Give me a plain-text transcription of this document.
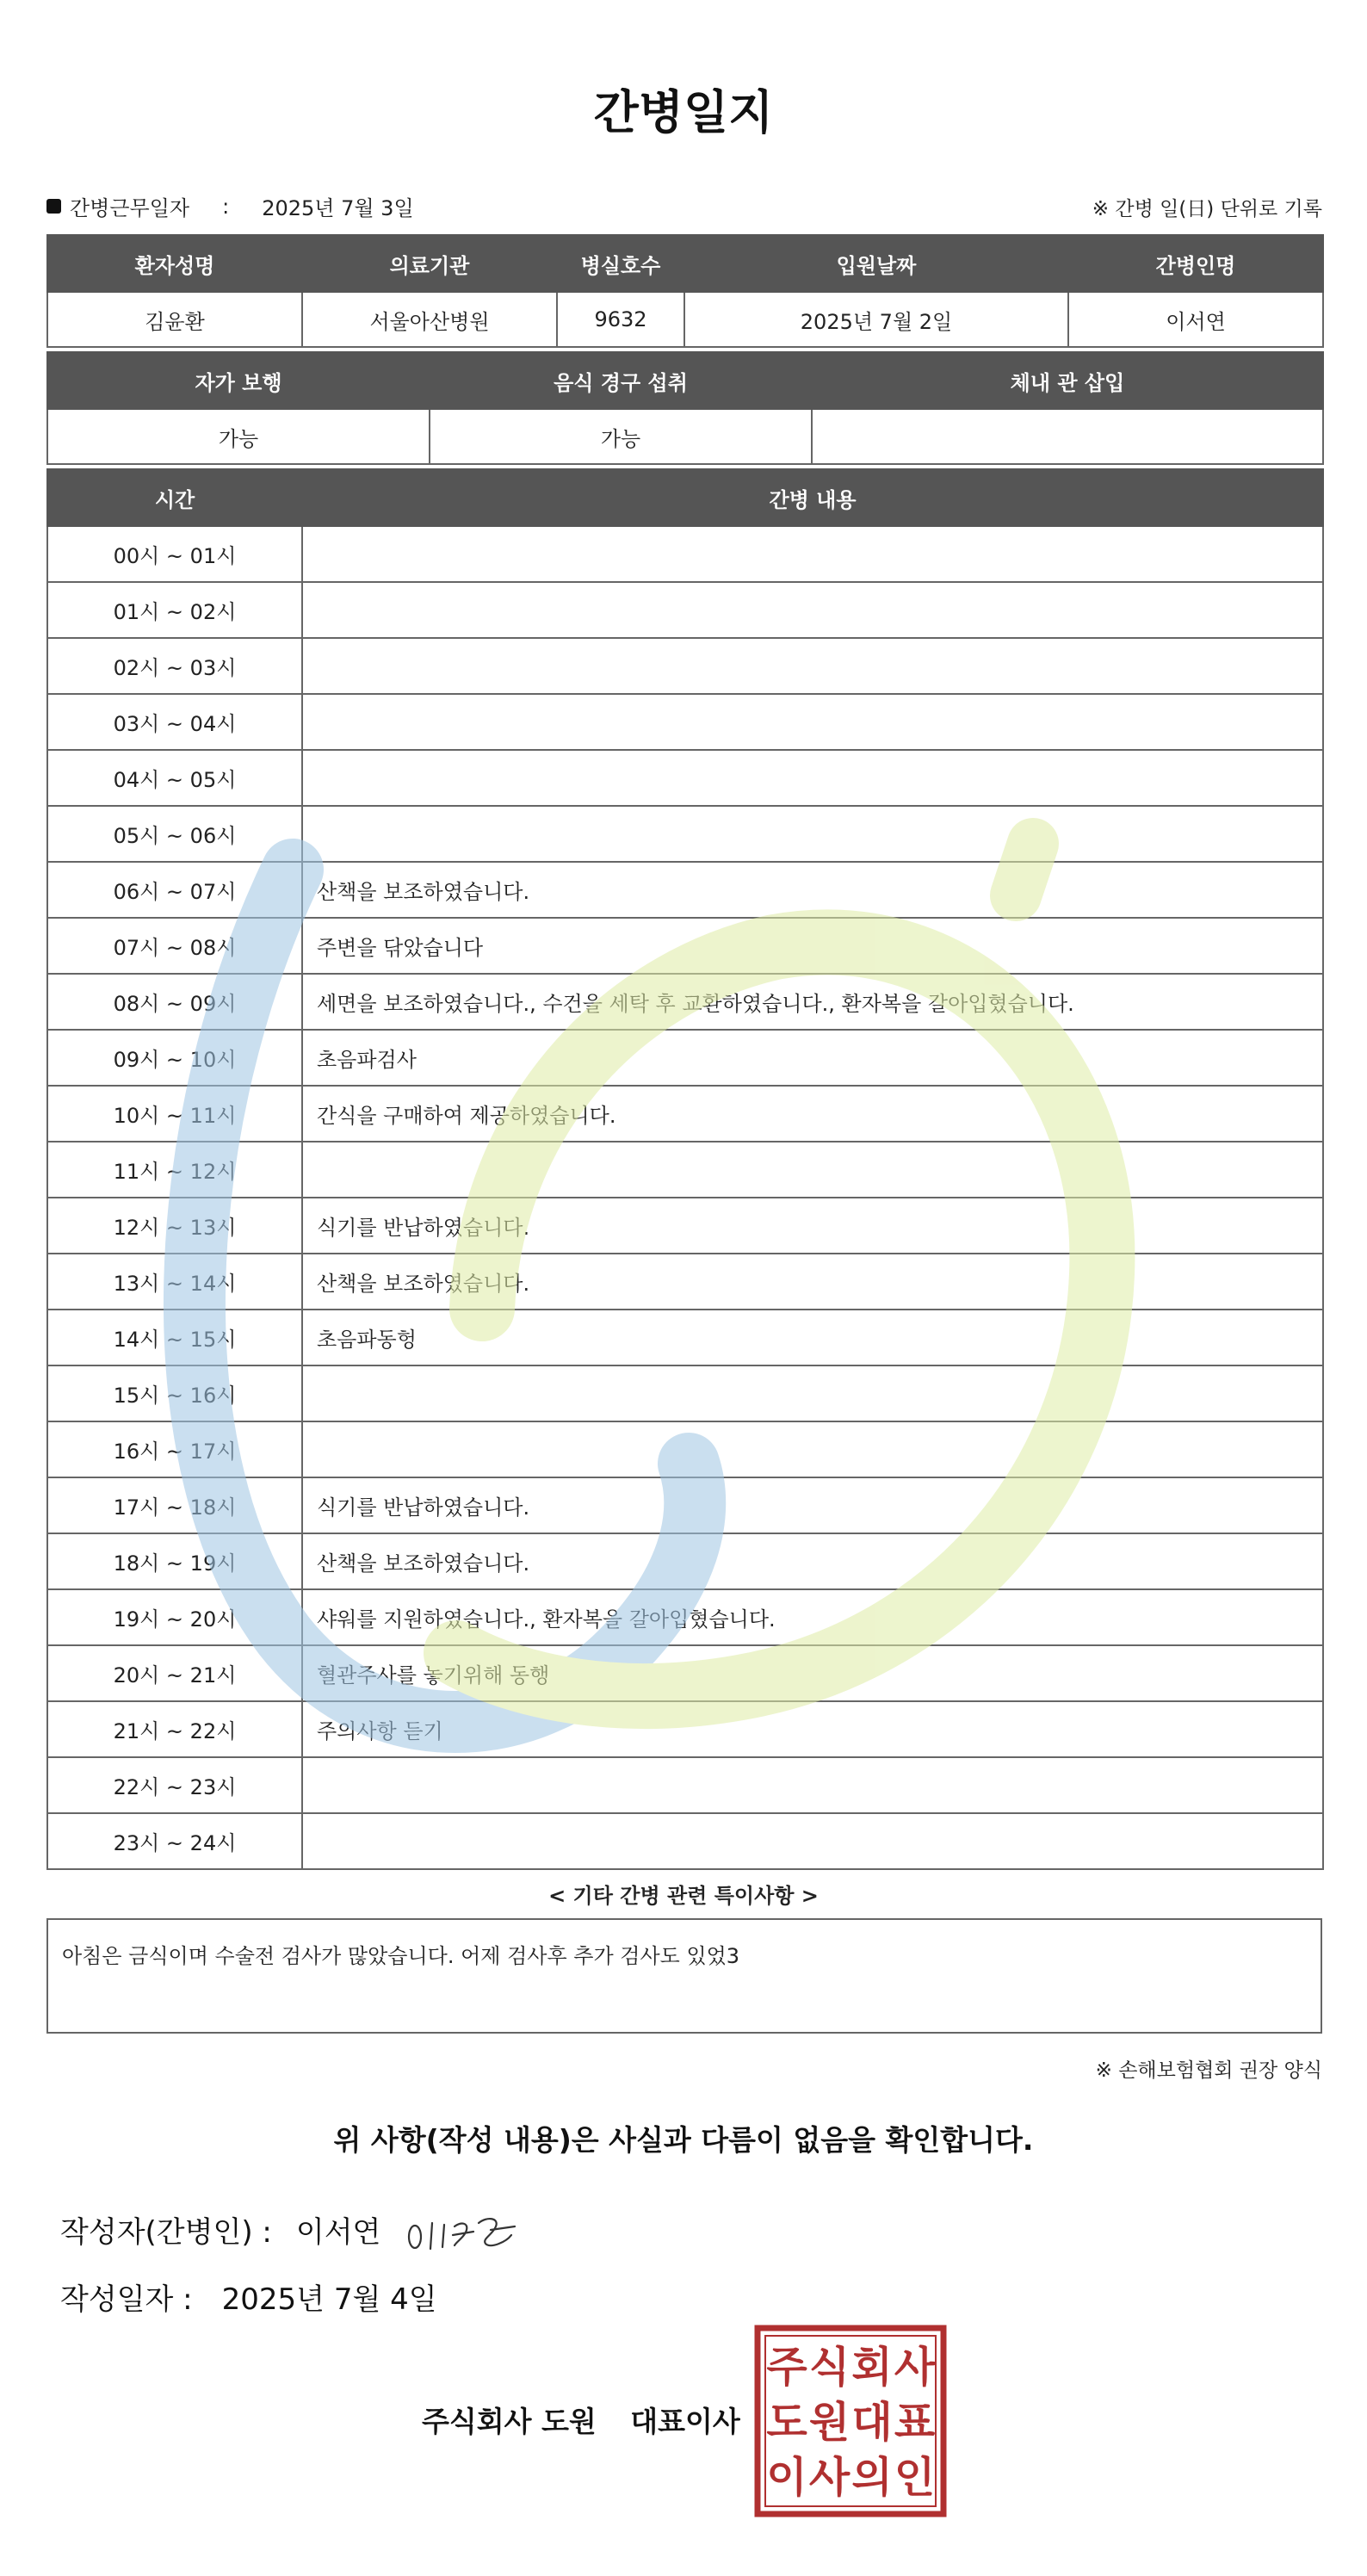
간병일지
간병근무일자 : 2025년 7월 3일	※ 간병 일(日) 단위로 기록
환자성명	의료기관	병실호수	입원날짜	간병인명
김윤환	서울아산병원	9632	2025년 7월 2일	이서연
자가 보행	음식 경구 섭취	체내 관 삽입
가능	가능	
시간	간병 내용
00시 ~ 01시	
01시 ~ 02시	
02시 ~ 03시	
03시 ~ 04시	
04시 ~ 05시	
05시 ~ 06시	
06시 ~ 07시	산책을 보조하였습니다.
07시 ~ 08시	주변을 닦았습니다
08시 ~ 09시	세면을 보조하였습니다., 수건을 세탁 후 교환하였습니다., 환자복을 갈아입혔습니다.
09시 ~ 10시	초음파검사
10시 ~ 11시	간식을 구매하여 제공하였습니다.
11시 ~ 12시	
12시 ~ 13시	식기를 반납하였습니다.
13시 ~ 14시	산책을 보조하였습니다.
14시 ~ 15시	초음파동헝
15시 ~ 16시	
16시 ~ 17시	
17시 ~ 18시	식기를 반납하였습니다.
18시 ~ 19시	산책을 보조하였습니다.
19시 ~ 20시	샤워를 지원하였습니다., 환자복을 갈아입혔습니다.
20시 ~ 21시	혈관주사를 놓기위해 동행
21시 ~ 22시	주의사항 듣기
22시 ~ 23시	
23시 ~ 24시	
< 기타 간병 관련 특이사항 >
아침은 금식이며 수술전 검사가 많았습니다. 어제 검사후 추가 검사도 있었3
※ 손해보험협회 권장 양식
위 사항(작성 내용)은 사실과 다름이 없음을 확인합니다.
작성자(간병인) : 이서연
작성일자 : 2025년 7월 4일
주식회사 도원 대표이사
주 식 회 사
도 원 대 표
이 사 의 인
